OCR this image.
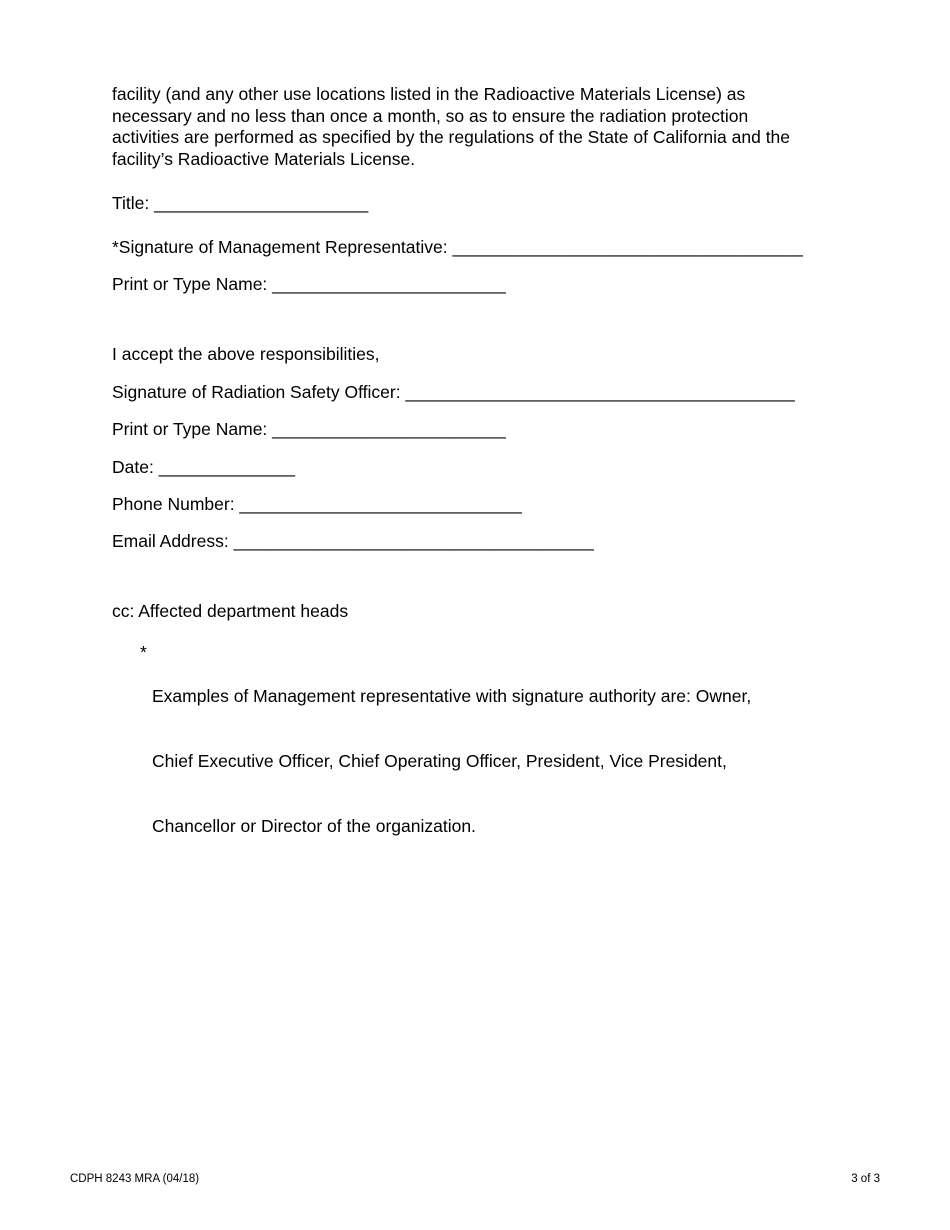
facility (and any other use locations listed in the Radioactive Materials License) as
necessary and no less than once a month, so as to ensure the radiation protection
activities are performed as specified by the regulations of the State of California and the
facility’s Radioactive Materials License.
Title: ______________________
*Signature of Management Representative: ____________________________________
Print or Type Name: ________________________
I accept the above responsibilities,
Signature of Radiation Safety Officer: ________________________________________
Print or Type Name: ________________________
Date: ______________
Phone Number: _____________________________
Email Address: _____________________________________
cc: Affected department heads
*

Examples of Management representative with signature authority are: Owner,

Chief Executive Officer, Chief Operating Officer, President, Vice President,

Chancellor or Director of the organization.

CDPH 8243 MRA (04/18)	3 of 3
